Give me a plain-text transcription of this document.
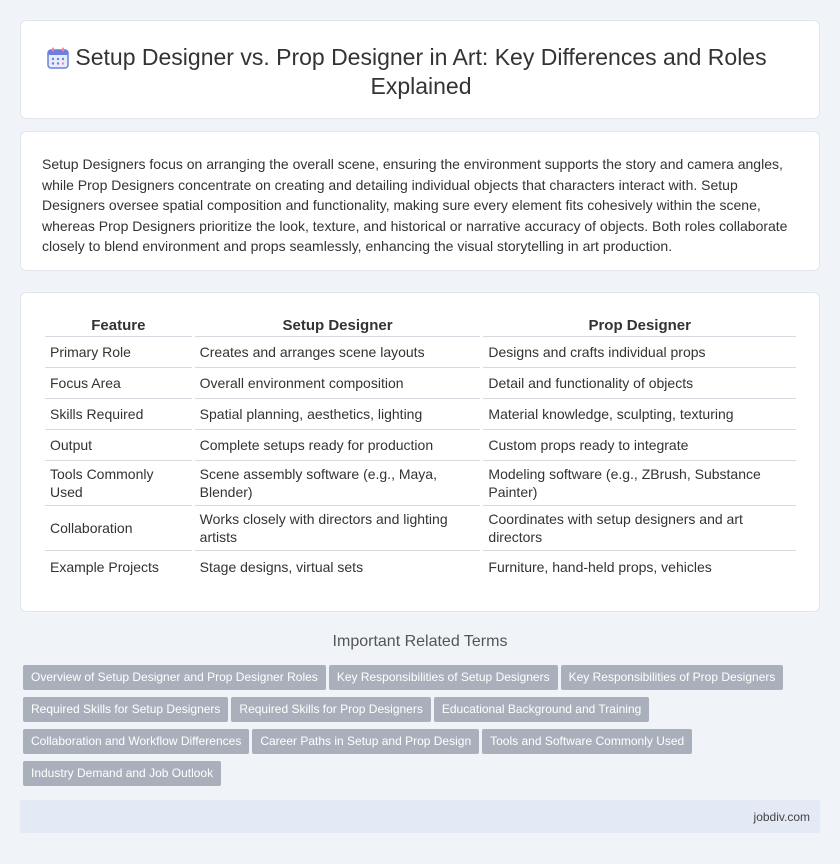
Setup Designer vs. Prop Designer in Art: Key Differences and Roles Explained

Setup Designers focus on arranging the overall scene, ensuring the environment supports the story and camera angles, while Prop Designers concentrate on creating and detailing individual objects that characters interact with. Setup Designers oversee spatial composition and functionality, making sure every element fits cohesively within the scene, whereas Prop Designers prioritize the look, texture, and historical or narrative accuracy of objects. Both roles collaborate closely to blend environment and props seamlessly, enhancing the visual storytelling in art production.

Feature	Setup Designer	Prop Designer
Primary Role	Creates and arranges scene layouts	Designs and crafts individual props
Focus Area	Overall environment composition	Detail and functionality of objects
Skills Required	Spatial planning, aesthetics, lighting	Material knowledge, sculpting, texturing
Output	Complete setups ready for production	Custom props ready to integrate
Tools Commonly Used	Scene assembly software (e.g., Maya, Blender)	Modeling software (e.g., ZBrush, Substance Painter)
Collaboration	Works closely with directors and lighting artists	Coordinates with setup designers and art directors
Example Projects	Stage designs, virtual sets	Furniture, hand-held props, vehicles
Important Related Terms
Overview of Setup Designer and Prop Designer Roles Key Responsibilities of Setup Designers Key Responsibilities of Prop Designers
Required Skills for Setup Designers Required Skills for Prop Designers Educational Background and Training
Collaboration and Workflow Differences Career Paths in Setup and Prop Design Tools and Software Commonly Used
Industry Demand and Job Outlook
jobdiv.com
